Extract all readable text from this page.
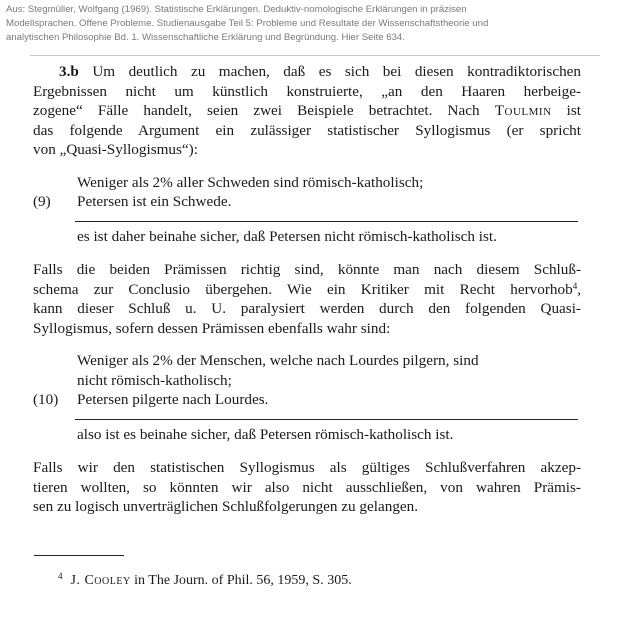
Aus: Stegmüller, Wolfgang (1969). Statistische Erklärungen. Deduktiv-nomologische Erklärungen in präzisen
Modellsprachen. Offene Probleme. Studienausgabe Teil 5: Probleme und Resultate der Wissenschaftstheorie und
analytischen Philosophie Bd. 1. Wissenschaftliche Erklärung und Begründung. Hier Seite 634.

3.b Um deutlich zu machen, daß es sich bei diesen kontradiktorischen
Ergebnissen nicht um künstlich konstruierte, „an den Haaren herbeige-
zogene“ Fälle handelt, seien zwei Beispiele betrachtet. Nach Toulmin ist
das folgende Argument ein zulässiger statistischer Syllogismus (er spricht
von „Quasi-Syllogismus“):

Weniger als 2% aller Schweden sind römisch-katholisch;
(9) Petersen ist ein Schwede.
es ist daher beinahe sicher, daß Petersen nicht römisch-katholisch ist.

Falls die beiden Prämissen richtig sind, könnte man nach diesem Schluß-
schema zur Conclusio übergehen. Wie ein Kritiker mit Recht hervorhob$^4$,
kann dieser Schluß u. U. paralysiert werden durch den folgenden Quasi-
Syllogismus, sofern dessen Prämissen ebenfalls wahr sind:

Weniger als 2% der Menschen, welche nach Lourdes pilgern, sind
nicht römisch-katholisch;
(10) Petersen pilgerte nach Lourdes.
also ist es beinahe sicher, daß Petersen römisch-katholisch ist.

Falls wir den statistischen Syllogismus als gültiges Schlußverfahren akzep-
tieren wollten, so könnten wir also nicht ausschließen, von wahren Prämis-
sen zu logisch unverträglichen Schlußfolgerungen zu gelangen.

$^4$ J. Cooley in The Journ. of Phil. 56, 1959, S. 305.
